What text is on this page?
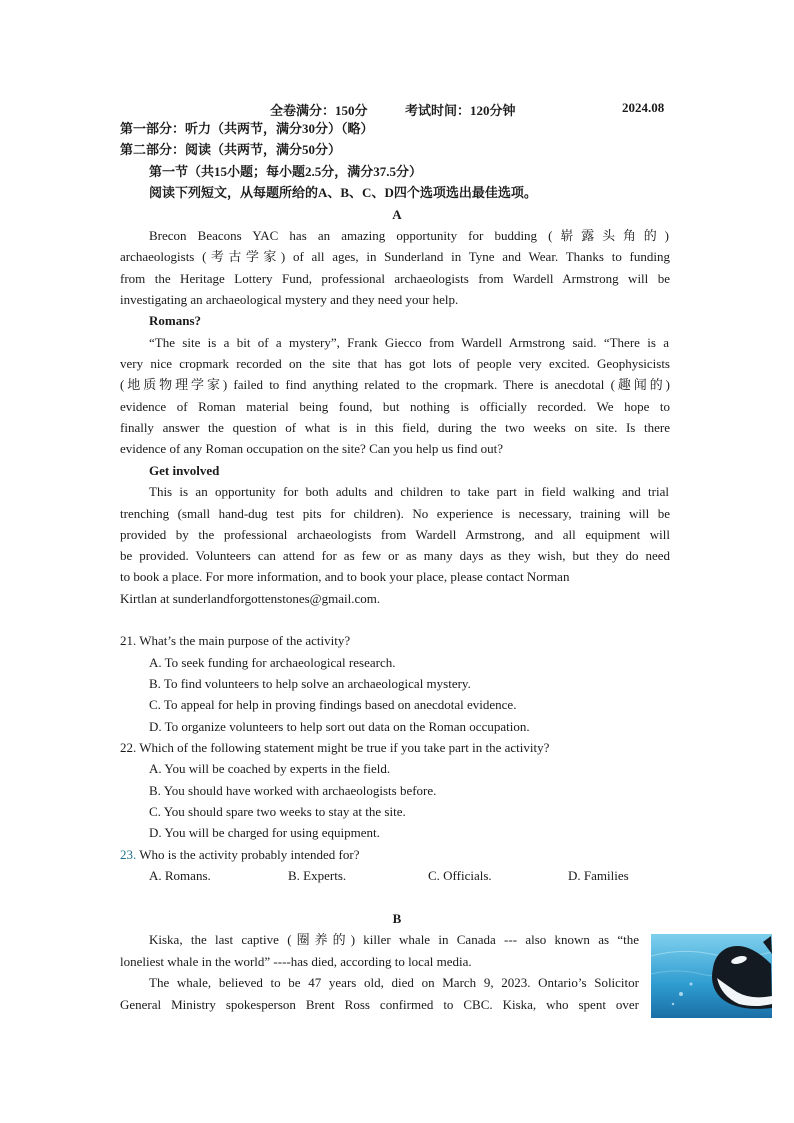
全卷满分：150分	考试时间：120分钟	2024.08
第一部分：听力（共两节，满分30分）（略）
第二部分：阅读（共两节，满分50分）
第一节（共15小题；每小题2.5分，满分37.5分）
阅读下列短文，从每题所给的A、B、C、D四个选项选出最佳选项。
A
Brecon Beacons YAC has an amazing opportunity for budding (崭露头角的)
archaeologists (考古学家) of all ages, in Sunderland in Tyne and Wear. Thanks to funding
from the Heritage Lottery Fund, professional archaeologists from Wardell Armstrong will be
investigating an archaeological mystery and they need your help.
Romans?
“The site is a bit of a mystery”, Frank Giecco from Wardell Armstrong said. “There is a
very nice cropmark recorded on the site that has got lots of people very excited. Geophysicists
(地质物理学家) failed to find anything related to the cropmark. There is anecdotal (趣闻的)
evidence of Roman material being found, but nothing is officially recorded. We hope to
finally answer the question of what is in this field, during the two weeks on site. Is there
evidence of any Roman occupation on the site? Can you help us find out?
Get involved
This is an opportunity for both adults and children to take part in field walking and trial
trenching (small hand-dug test pits for children). No experience is necessary, training will be
provided by the professional archaeologists from Wardell Armstrong, and all equipment will
be provided. Volunteers can attend for as few or as many days as they wish, but they do need
to book a place. For more information, and to book your place, please contact Norman
Kirtlan at sunderlandforgottenstones@gmail.com.
21. What’s the main purpose of the activity?
A. To seek funding for archaeological research.
B. To find volunteers to help solve an archaeological mystery.
C. To appeal for help in proving findings based on anecdotal evidence.
D. To organize volunteers to help sort out data on the Roman occupation.
22. Which of the following statement might be true if you take part in the activity?
A. You will be coached by experts in the field.
B. You should have worked with archaeologists before.
C. You should spare two weeks to stay at the site.
D. You will be charged for using equipment.
23. Who is the activity probably intended for?
A. Romans.	B. Experts.	C. Officials.	D. Families
B
Kiska, the last captive (圈养的) killer whale in Canada --- also known as “the
loneliest whale in the world” ----has died, according to local media.
The whale, believed to be 47 years old, died on March 9, 2023. Ontario’s Solicitor
General Ministry spokesperson Brent Ross confirmed to CBC. Kiska, who spent over
